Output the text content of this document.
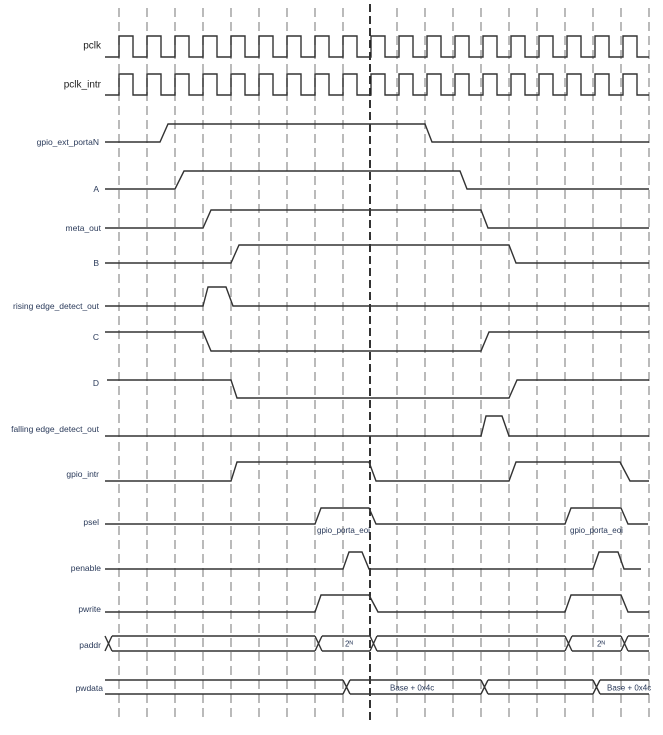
pclk
pclk_intr
gpio_ext_portaN
A
meta_out
B
rising edge_detect_out
C
D
falling edge_detect_out
gpio_intr
psel
penable
pwrite
paddr
pwdata
gpio_porta_eoi	gpio_porta_eoi
2ᴺ	2ᴺ
Base + 0x4c	Base + 0x4c
